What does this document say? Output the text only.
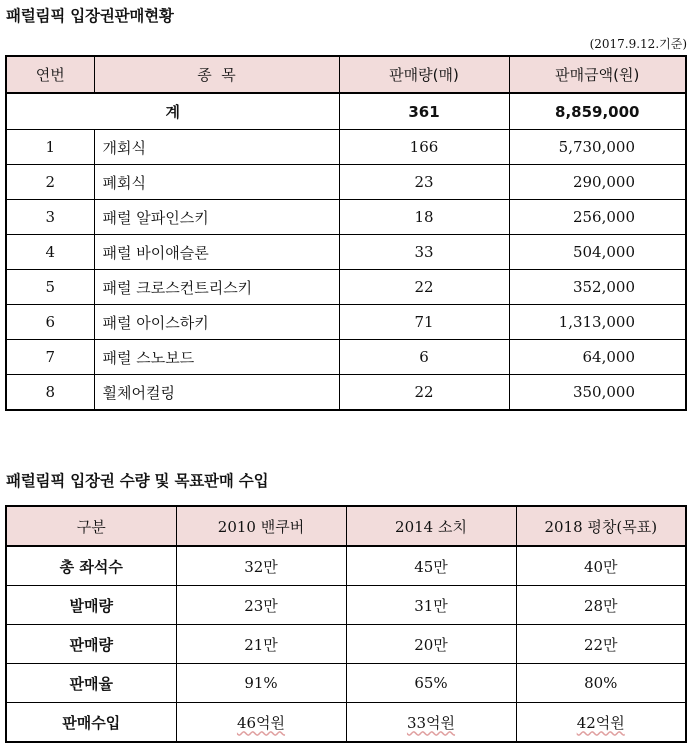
패럴림픽 입장권판매현황
(2017.9.12.기준)
연번	종  목	판매량(매)	판매금액(원)
계		361	8,859,000
1	개회식	166	5,730,000
2	폐회식	23	290,000
3	패럴 알파인스키	18	256,000
4	패럴 바이애슬론	33	504,000
5	패럴 크로스컨트리스키	22	352,000
6	패럴 아이스하키	71	1,313,000
7	패럴 스노보드	6	64,000
8	휠체어컬링	22	350,000
패럴림픽 입장권 수량 및 목표판매 수입
구분	2010 밴쿠버	2014 소치	2018 평창(목표)
총 좌석수	32만	45만	40만
발매량	23만	31만	28만
판매량	21만	20만	22만
판매율	91%	65%	80%
판매수입	46억원	33억원	42억원
